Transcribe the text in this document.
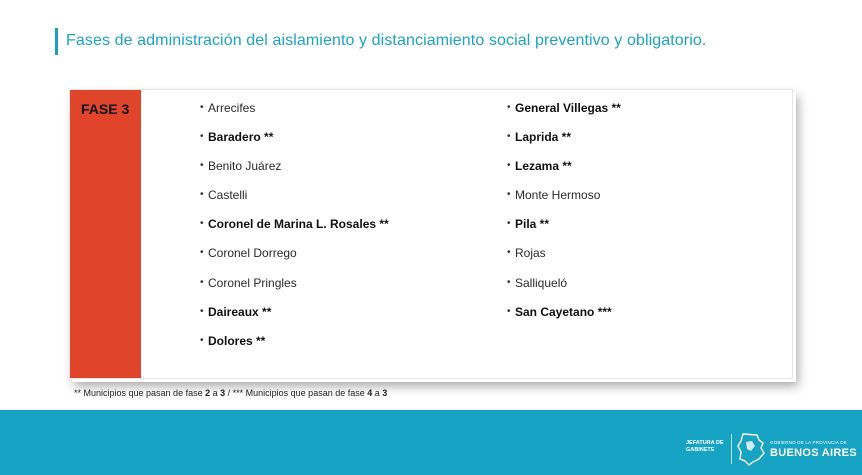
Fases de administración del aislamiento y distanciamiento social preventivo y obligatorio.
FASE 3	• Arrecifes
• Baradero **
• Benito Juárez
• Castelli
• Coronel de Marina L. Rosales **
• Coronel Dorrego
• Coronel Pringles
• Daireaux **
• Dolores **
• General Villegas **
• Laprida **
• Lezama **
• Monte Hermoso
• Pila **
• Rojas
• Salliqueló
• San Cayetano ***
** Municipios que pasan de fase 2 a 3 / *** Municipios que pasan de fase 4 a 3
JEFATURA DE
GABINETE
GOBIERNO DE LA PROVINCIA DE
BUENOS AIRES
